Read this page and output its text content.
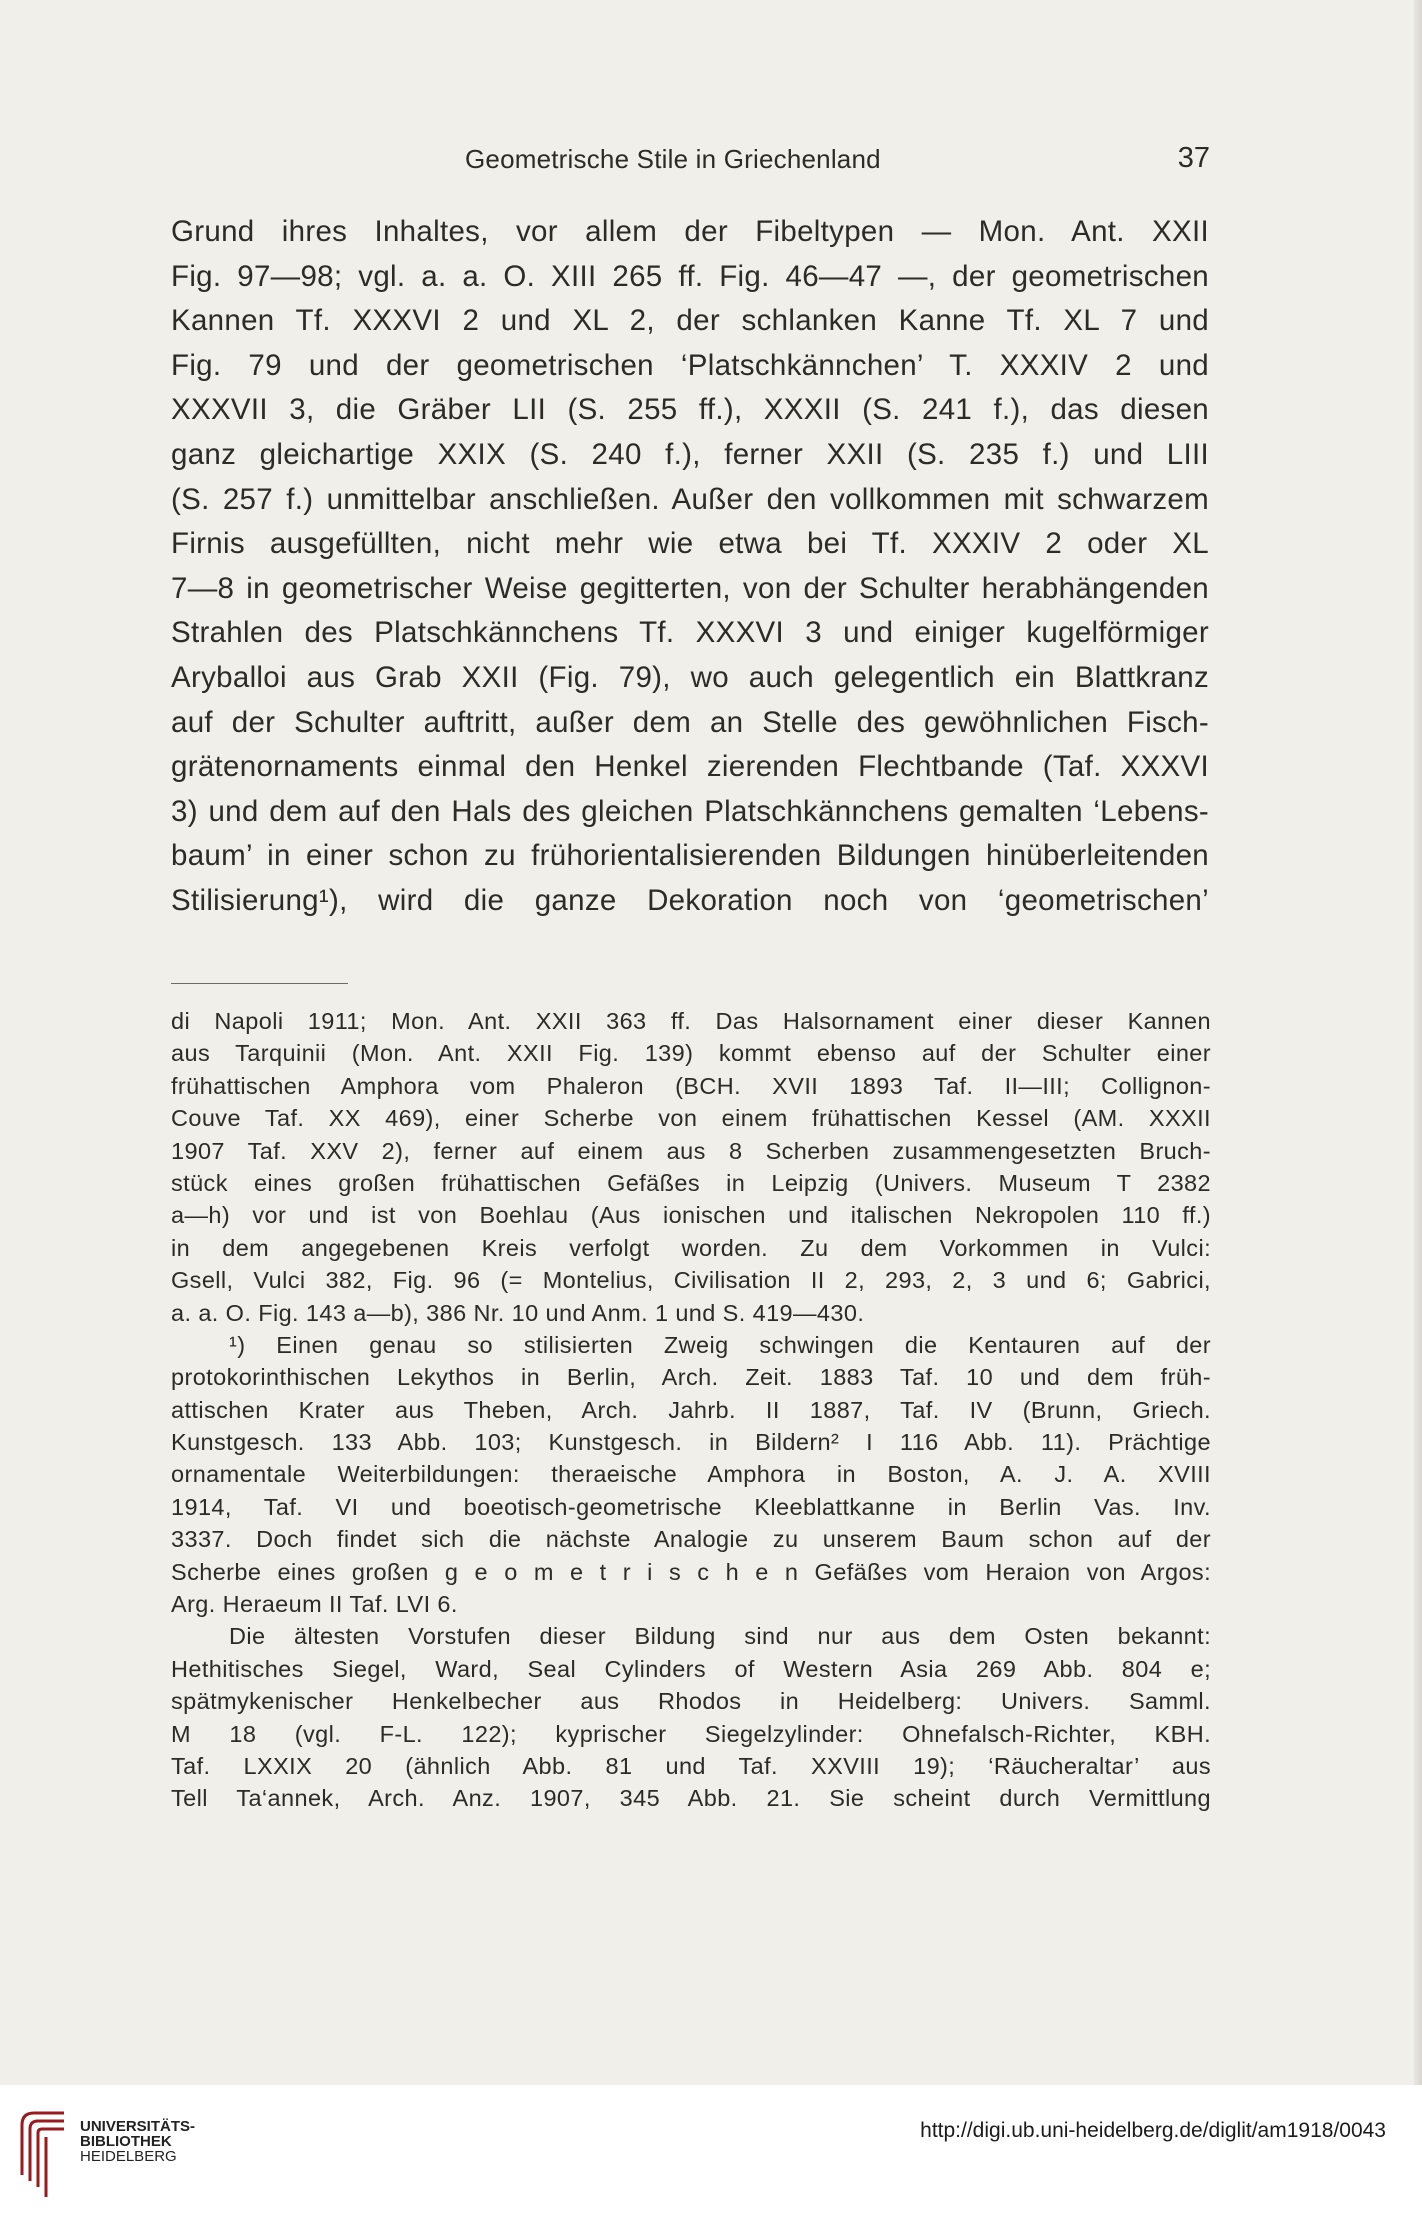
Geometrische Stile in Griechenland	37
Grund ihres Inhaltes, vor allem der Fibeltypen — Mon. Ant. XXII
Fig. 97—98; vgl. a. a. O. XIII 265 ff. Fig. 46—47 —, der geometrischen
Kannen Tf. XXXVI 2 und XL 2, der schlanken Kanne Tf. XL 7 und
Fig. 79 und der geometrischen ‘Platschkännchen’ T. XXXIV 2 und
XXXVII 3, die Gräber LII (S. 255 ff.), XXXII (S. 241 f.), das diesen
ganz gleichartige XXIX (S. 240 f.), ferner XXII (S. 235 f.) und LIII
(S. 257 f.) unmittelbar anschließen. Außer den vollkommen mit schwarzem
Firnis ausgefüllten, nicht mehr wie etwa bei Tf. XXXIV 2 oder XL
7—8 in geometrischer Weise gegitterten, von der Schulter herabhängenden
Strahlen des Platschkännchens Tf. XXXVI 3 und einiger kugelförmiger
Aryballoi aus Grab XXII (Fig. 79), wo auch gelegentlich ein Blattkranz
auf der Schulter auftritt, außer dem an Stelle des gewöhnlichen Fisch-
grätenornaments einmal den Henkel zierenden Flechtbande (Taf. XXXVI
3) und dem auf den Hals des gleichen Platschkännchens gemalten ‘Lebens-
baum’ in einer schon zu frühorientalisierenden Bildungen hinüberleitenden
Stilisierung¹), wird die ganze Dekoration noch von ‘geometrischen’
di Napoli 1911; Mon. Ant. XXII 363 ff. Das Halsornament einer dieser Kannen
aus Tarquinii (Mon. Ant. XXII Fig. 139) kommt ebenso auf der Schulter einer
frühattischen Amphora vom Phaleron (BCH. XVII 1893 Taf. II—III; Collignon-
Couve Taf. XX 469), einer Scherbe von einem frühattischen Kessel (AM. XXXII
1907 Taf. XXV 2), ferner auf einem aus 8 Scherben zusammengesetzten Bruch-
stück eines großen frühattischen Gefäßes in Leipzig (Univers. Museum T 2382
a—h) vor und ist von Boehlau (Aus ionischen und italischen Nekropolen 110 ff.)
in dem angegebenen Kreis verfolgt worden. Zu dem Vorkommen in Vulci:
Gsell, Vulci 382, Fig. 96 (= Montelius, Civilisation II 2, 293, 2, 3 und 6; Gabrici,
a. a. O. Fig. 143 a—b), 386 Nr. 10 und Anm. 1 und S. 419—430.
¹) Einen genau so stilisierten Zweig schwingen die Kentauren auf der
protokorinthischen Lekythos in Berlin, Arch. Zeit. 1883 Taf. 10 und dem früh-
attischen Krater aus Theben, Arch. Jahrb. II 1887, Taf. IV (Brunn, Griech.
Kunstgesch. 133 Abb. 103; Kunstgesch. in Bildern² I 116 Abb. 11). Prächtige
ornamentale Weiterbildungen: theraeische Amphora in Boston, A. J. A. XVIII
1914, Taf. VI und boeotisch-geometrische Kleeblattkanne in Berlin Vas. Inv.
3337. Doch findet sich die nächste Analogie zu unserem Baum schon auf der
Scherbe eines großen g e o m e t r i s c h e n Gefäßes vom Heraion von Argos:
Arg. Heraeum II Taf. LVI 6.
Die ältesten Vorstufen dieser Bildung sind nur aus dem Osten bekannt:
Hethitisches Siegel, Ward, Seal Cylinders of Western Asia 269 Abb. 804 e;
spätmykenischer Henkelbecher aus Rhodos in Heidelberg: Univers. Samml.
M 18 (vgl. F-L. 122); kyprischer Siegelzylinder: Ohnefalsch-Richter, KBH.
Taf. LXXIX 20 (ähnlich Abb. 81 und Taf. XXVIII 19); ‘Räucheraltar’ aus
Tell Ta‘annek, Arch. Anz. 1907, 345 Abb. 21. Sie scheint durch Vermittlung
UNIVERSITÄTS-
BIBLIOTHEK
HEIDELBERG
http://digi.ub.uni-heidelberg.de/diglit/am1918/0043
